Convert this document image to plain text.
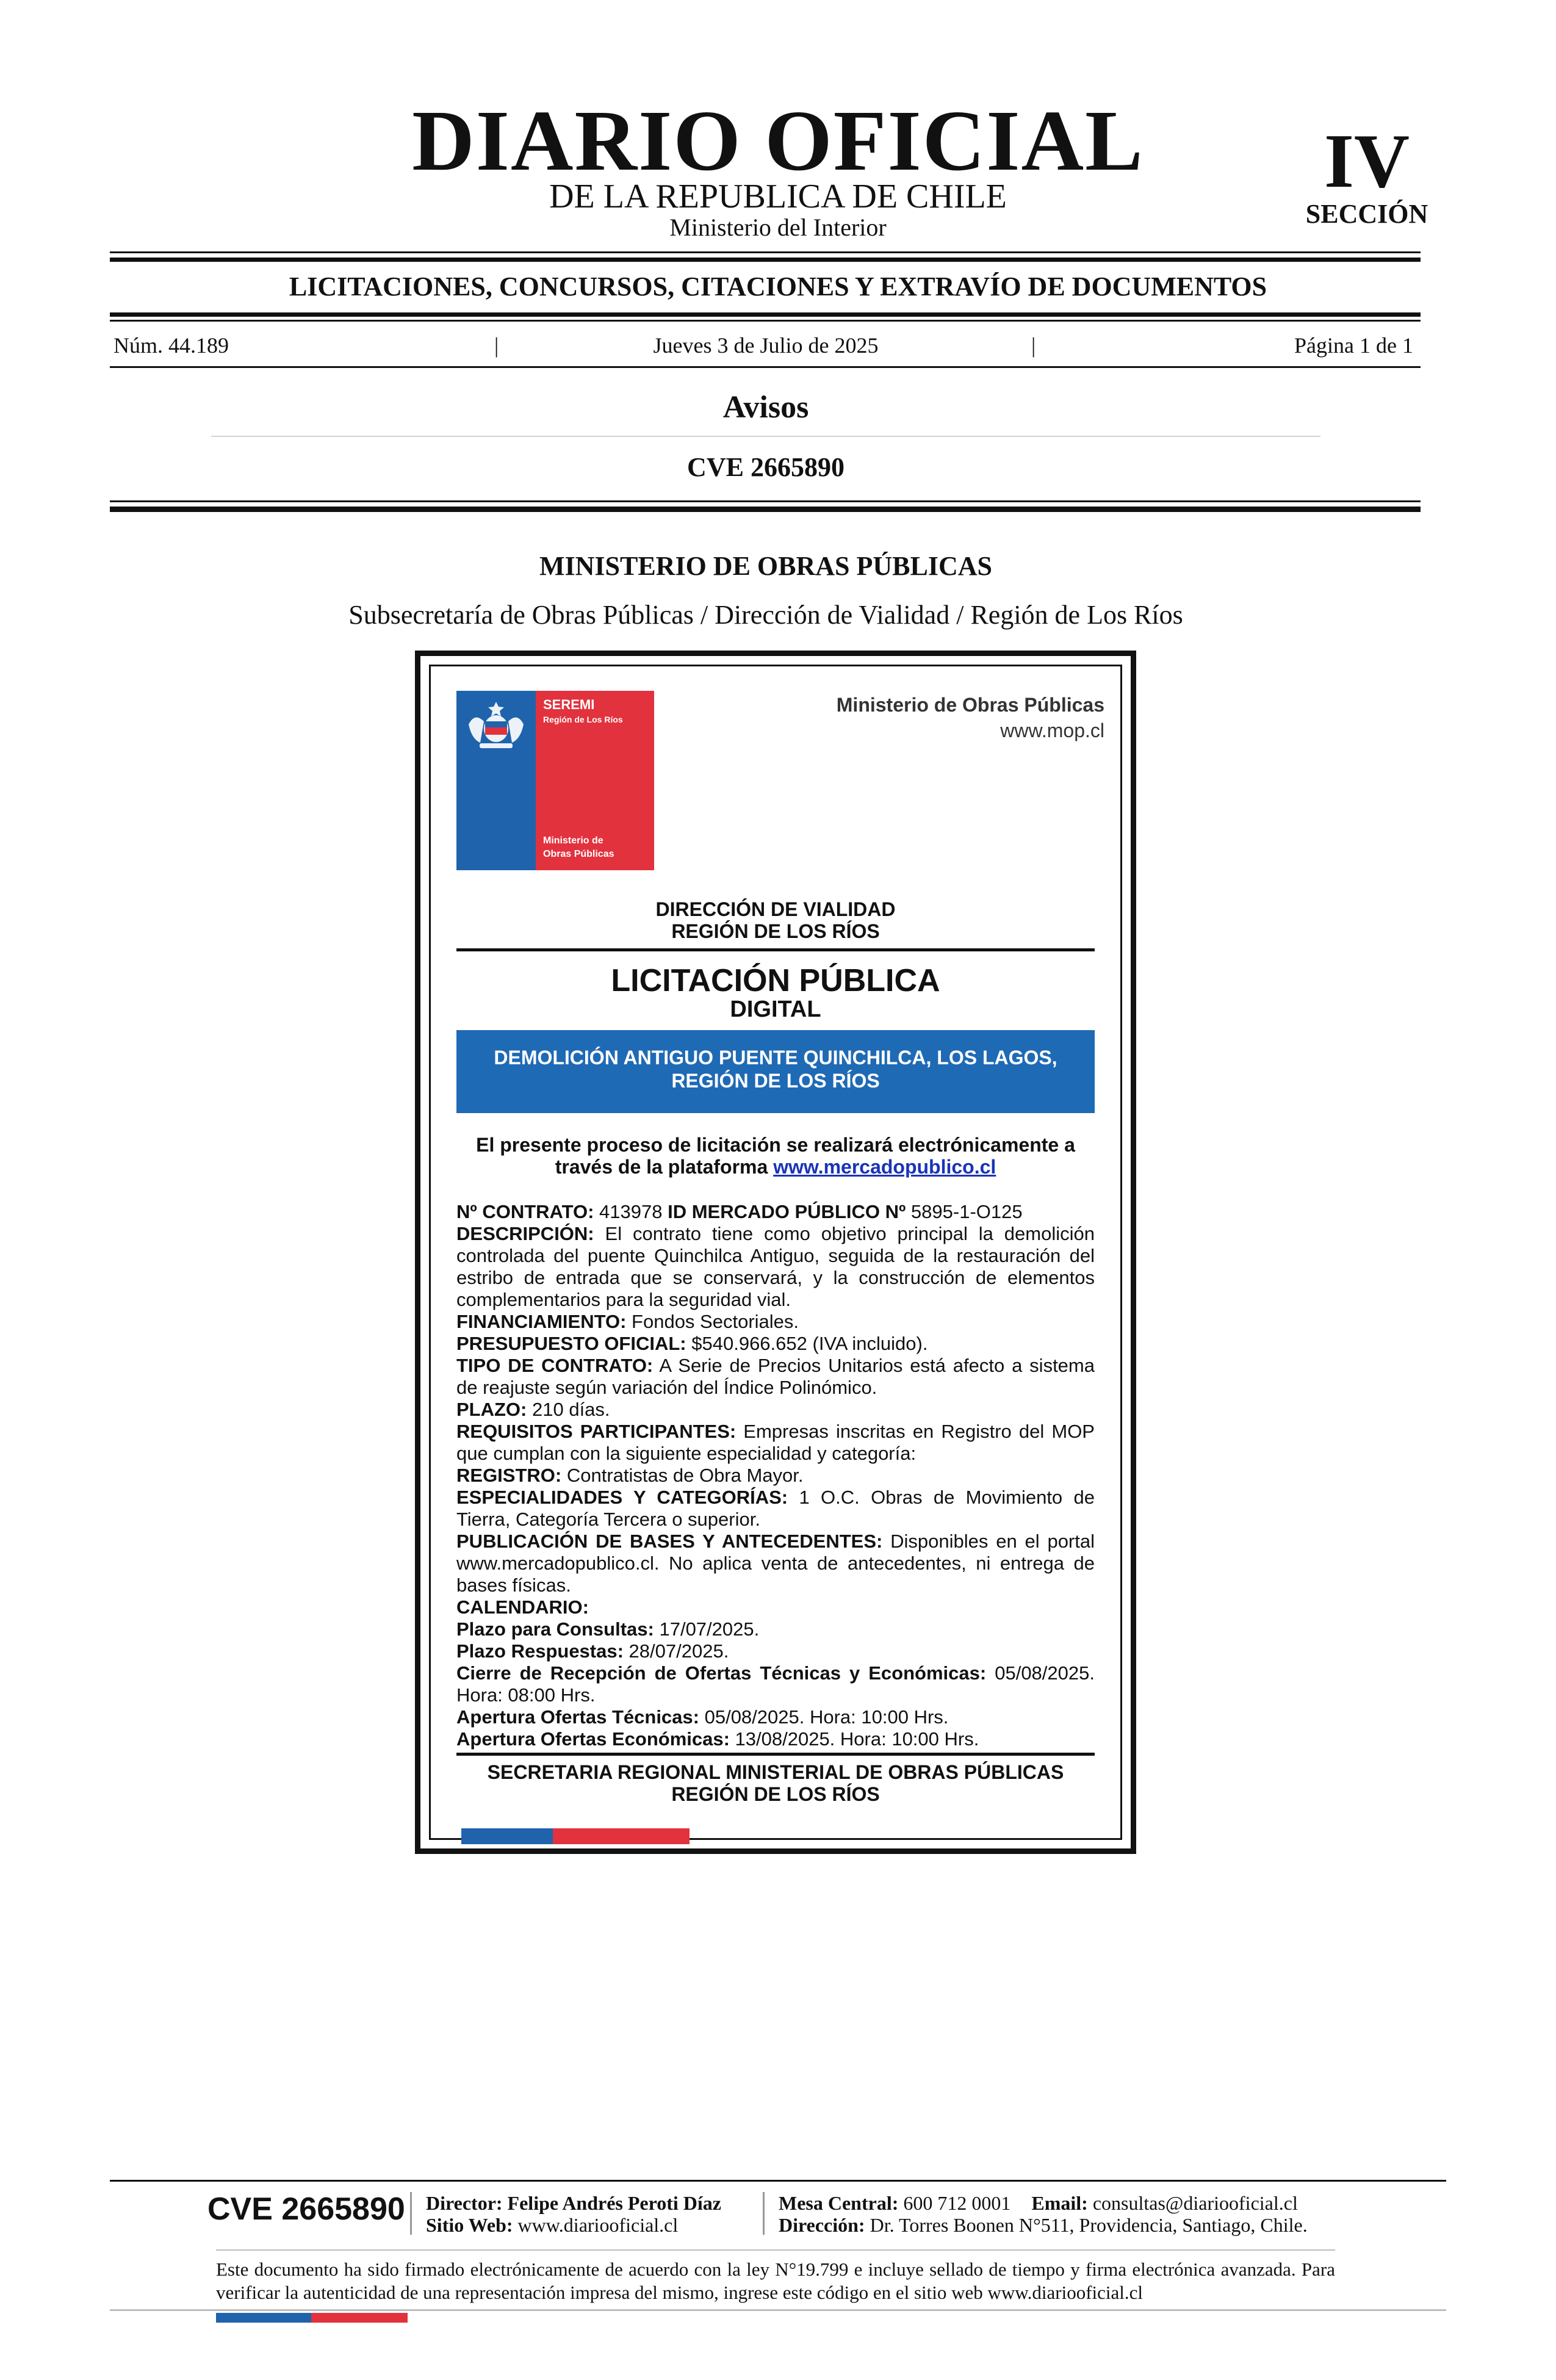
DIARIO OFICIAL
DE LA REPUBLICA DE CHILE
Ministerio del Interior
IV
SECCIÓN
LICITACIONES, CONCURSOS, CITACIONES Y EXTRAVÍO DE DOCUMENTOS
Núm. 44.189	|	Jueves 3 de Julio de 2025	|	Página 1 de 1
Avisos
CVE 2665890
MINISTERIO DE OBRAS PÚBLICAS
Subsecretaría de Obras Públicas / Dirección de Vialidad / Región de Los Ríos
SEREMI
Región de Los Ríos
Ministerio de
Obras Públicas
Ministerio de Obras Públicas
www.mop.cl
DIRECCIÓN DE VIALIDAD
REGIÓN DE LOS RÍOS
LICITACIÓN PÚBLICA
DIGITAL
DEMOLICIÓN ANTIGUO PUENTE QUINCHILCA, LOS LAGOS,
REGIÓN DE LOS RÍOS
El presente proceso de licitación se realizará electrónicamente a través de la plataforma www.mercadopublico.cl

Nº CONTRATO: 413978 ID MERCADO PÚBLICO Nº 5895-1-O125

DESCRIPCIÓN: El contrato tiene como objetivo principal la demolición controlada del puente Quinchilca Antiguo, seguida de la restauración del estribo de entrada que se conservará, y la construcción de elementos complementarios para la seguridad vial.

FINANCIAMIENTO: Fondos Sectoriales.

PRESUPUESTO OFICIAL: $540.966.652 (IVA incluido).

TIPO DE CONTRATO: A Serie de Precios Unitarios está afecto a sistema de reajuste según variación del Índice Polinómico.

PLAZO: 210 días.

REQUISITOS PARTICIPANTES: Empresas inscritas en Registro del MOP que cumplan con la siguiente especialidad y categoría:

REGISTRO: Contratistas de Obra Mayor.

ESPECIALIDADES Y CATEGORÍAS: 1 O.C. Obras de Movimiento de Tierra, Categoría Tercera o superior.

PUBLICACIÓN DE BASES Y ANTECEDENTES: Disponibles en el portal www.mercadopublico.cl. No aplica venta de antecedentes, ni entrega de bases físicas.

CALENDARIO:

Plazo para Consultas: 17/07/2025.

Plazo Respuestas: 28/07/2025.

Cierre de Recepción de Ofertas Técnicas y Económicas: 05/08/2025. Hora: 08:00 Hrs.

Apertura Ofertas Técnicas: 05/08/2025. Hora: 10:00 Hrs.

Apertura Ofertas Económicas: 13/08/2025. Hora: 10:00 Hrs.

SECRETARIA REGIONAL MINISTERIAL DE OBRAS PÚBLICAS
REGIÓN DE LOS RÍOS
CVE 2665890 Director: Felipe Andrés Peroti Díaz
Sitio Web: www.diariooficial.cl
Mesa Central: 600 712 0001 Email: consultas@diariooficial.cl
Dirección: Dr. Torres Boonen N°511, Providencia, Santiago, Chile.
Este documento ha sido firmado electrónicamente de acuerdo con la ley N°19.799 e incluye sellado de tiempo y firma electrónica avanzada. Para verificar la autenticidad de una representación impresa del mismo, ingrese este código en el sitio web www.diariooficial.cl
